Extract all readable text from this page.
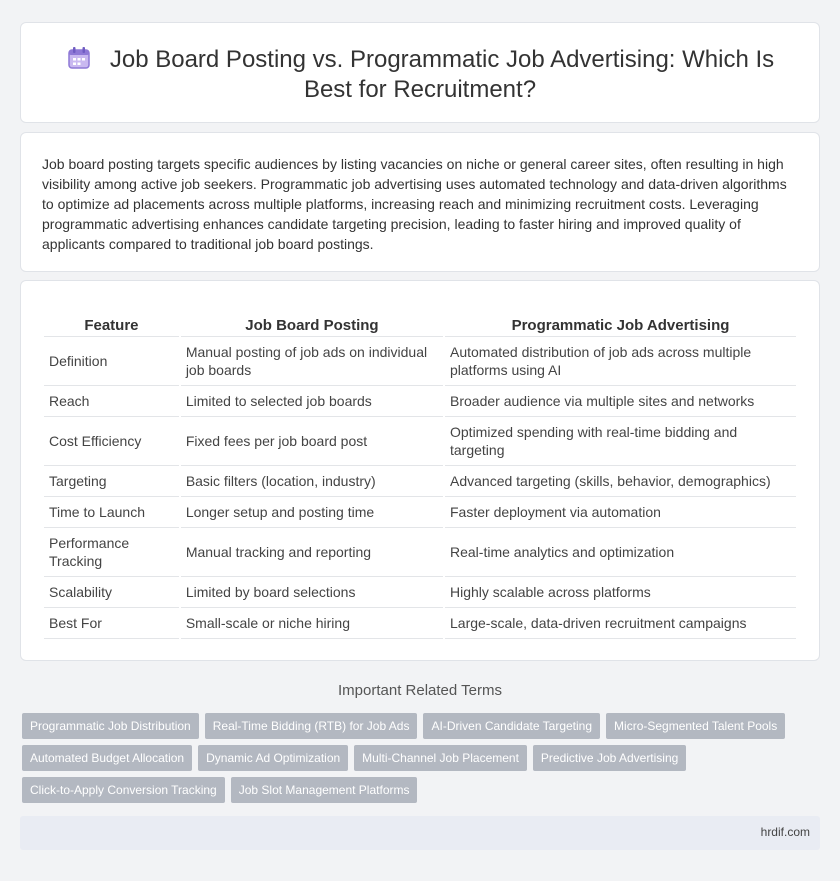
Job Board Posting vs. Programmatic Job Advertising: Which Is Best for Recruitment?

Job board posting targets specific audiences by listing vacancies on niche or general career sites, often resulting in high visibility among active job seekers. Programmatic job advertising uses automated technology and data-driven algorithms to optimize ad placements across multiple platforms, increasing reach and minimizing recruitment costs. Leveraging programmatic advertising enhances candidate targeting precision, leading to faster hiring and improved quality of applicants compared to traditional job board postings.

Feature	Job Board Posting	Programmatic Job Advertising
Definition	Manual posting of job ads on individual job boards	Automated distribution of job ads across multiple platforms using AI
Reach	Limited to selected job boards	Broader audience via multiple sites and networks
Cost Efficiency	Fixed fees per job board post	Optimized spending with real-time bidding and targeting
Targeting	Basic filters (location, industry)	Advanced targeting (skills, behavior, demographics)
Time to Launch	Longer setup and posting time	Faster deployment via automation
Performance Tracking	Manual tracking and reporting	Real-time analytics and optimization
Scalability	Limited by board selections	Highly scalable across platforms
Best For	Small-scale or niche hiring	Large-scale, data-driven recruitment campaigns
Important Related Terms
Programmatic Job Distribution	Real-Time Bidding (RTB) for Job Ads	AI-Driven Candidate Targeting	Micro-Segmented Talent Pools
Automated Budget Allocation	Dynamic Ad Optimization	Multi-Channel Job Placement	Predictive Job Advertising
Click-to-Apply Conversion Tracking	Job Slot Management Platforms
hrdif.com
